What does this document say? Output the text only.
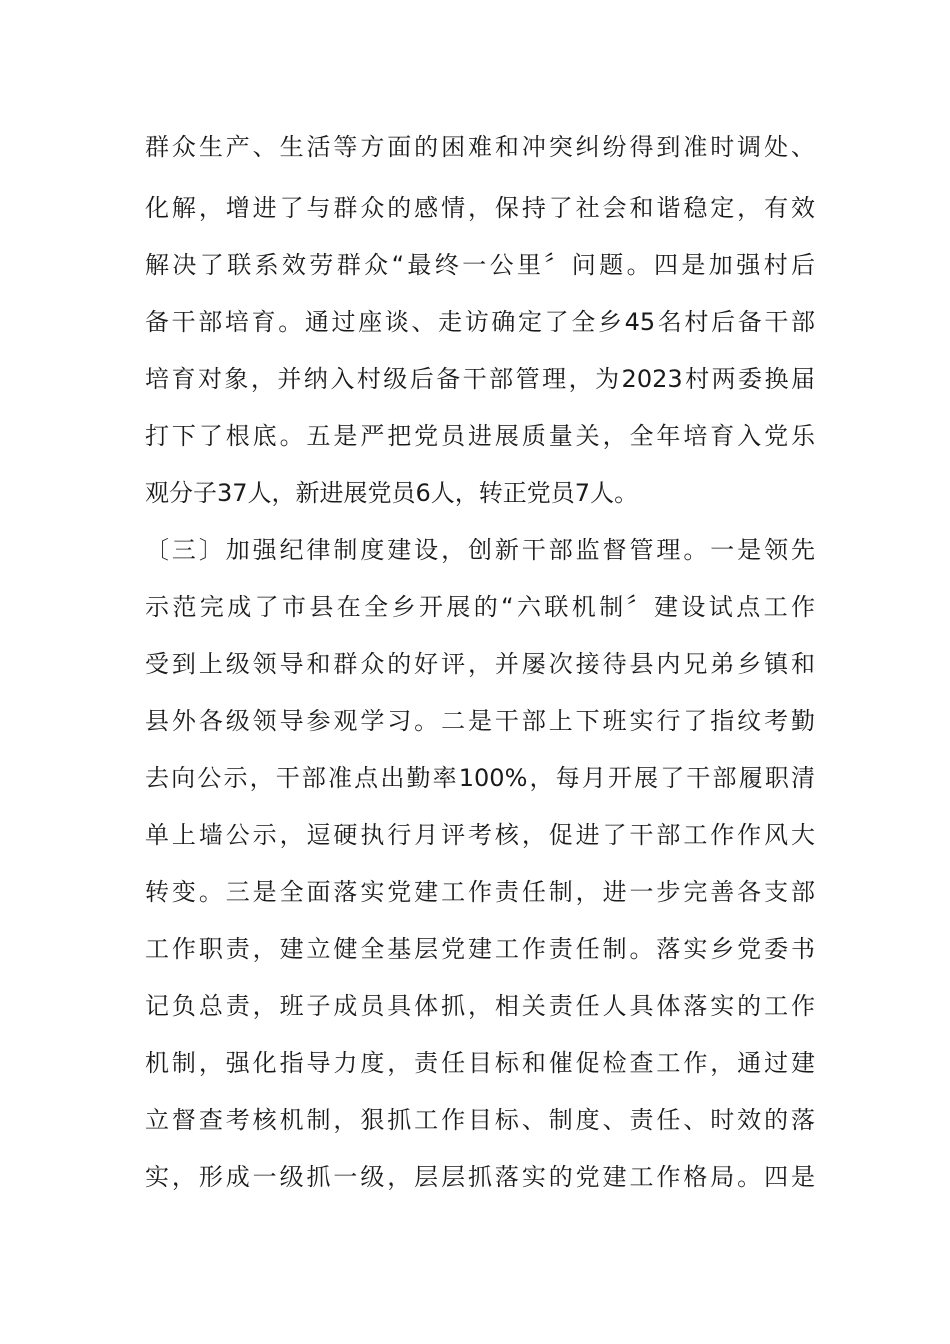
群众生产、生活等方面的困难和冲突纠纷得到准时调处、
化解，增进了与群众的感情，保持了社会和谐稳定，有效
解决了联系效劳群众“最终一公里〞问题。四是加强村后
备干部培育。通过座谈、走访确定了全乡45名村后备干部
培育对象，并纳入村级后备干部管理，为2023村两委换届
打下了根底。五是严把党员进展质量关，全年培育入党乐
观分子37人，新进展党员6人，转正党员7人。
〔三〕加强纪律制度建设，创新干部监督管理。一是领先
示范完成了市县在全乡开展的“六联机制〞建设试点工作
受到上级领导和群众的好评，并屡次接待县内兄弟乡镇和
县外各级领导参观学习。二是干部上下班实行了指纹考勤
去向公示，干部准点出勤率100%，每月开展了干部履职清
单上墙公示，逗硬执行月评考核，促进了干部工作作风大
转变。三是全面落实党建工作责任制，进一步完善各支部
工作职责，建立健全基层党建工作责任制。落实乡党委书
记负总责，班子成员具体抓，相关责任人具体落实的工作
机制，强化指导力度，责任目标和催促检查工作，通过建
立督查考核机制，狠抓工作目标、制度、责任、时效的落
实，形成一级抓一级，层层抓落实的党建工作格局。四是
